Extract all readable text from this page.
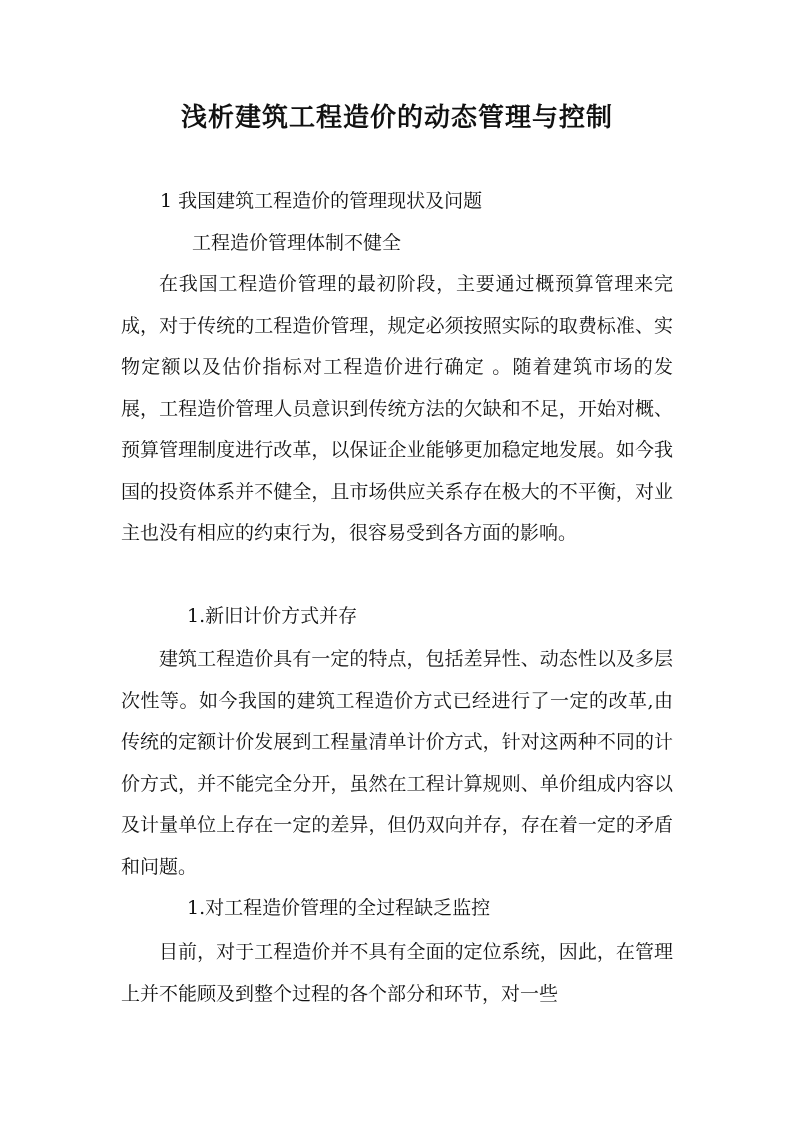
浅析建筑工程造价的动态管理与控制
1 我国建筑工程造价的管理现状及问题
工程造价管理体制不健全

在我国工程造价管理的最初阶段，主要通过概预算管理来完成，对于传统的工程造价管理，规定必须按照实际的取费标准、实物定额以及估价指标对工程造价进行确定 。随着建筑市场的发展，工程造价管理人员意识到传统方法的欠缺和不足，开始对概、预算管理制度进行改革，以保证企业能够更加稳定地发展。如今我国的投资体系并不健全，且市场供应关系存在极大的不平衡，对业主也没有相应的约束行为，很容易受到各方面的影响。

1.新旧计价方式并存

建筑工程造价具有一定的特点，包括差异性、动态性以及多层次性等。如今我国的建筑工程造价方式已经进行了一定的改革,由传统的定额计价发展到工程量清单计价方式，针对这两种不同的计价方式，并不能完全分开，虽然在工程计算规则、单价组成内容以及计量单位上存在一定的差异，但仍双向并存，存在着一定的矛盾和问题。

1.对工程造价管理的全过程缺乏监控

目前，对于工程造价并不具有全面的定位系统，因此，在管理上并不能顾及到整个过程的各个部分和环节，对一些
